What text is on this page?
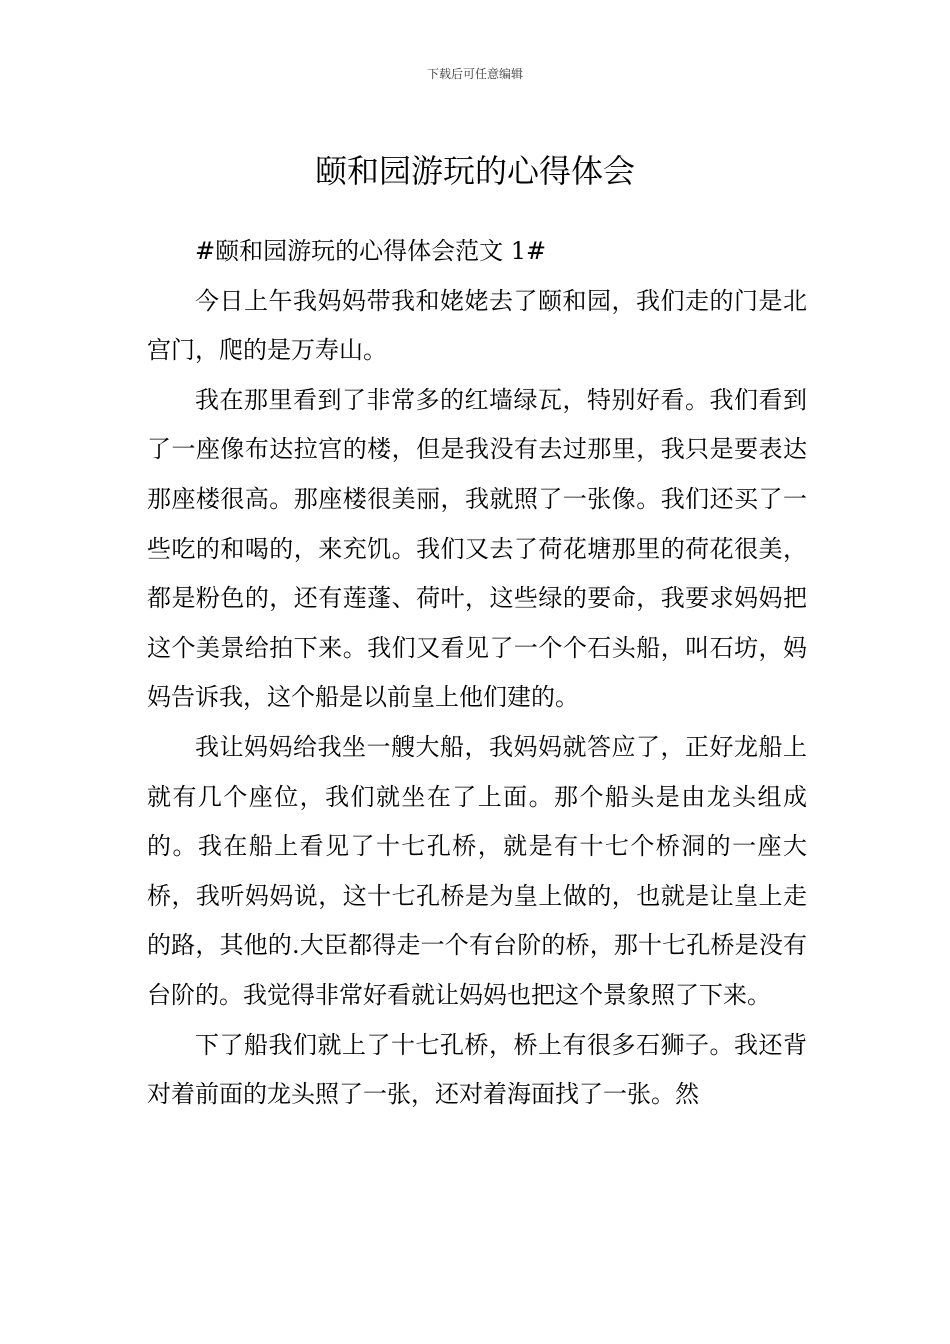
下载后可任意编辑
颐和园游玩的心得体会

#颐和园游玩的心得体会范文 1#

今日上午我妈妈带我和姥姥去了颐和园，我们走的门是北宫门，爬的是万寿山。

我在那里看到了非常多的红墙绿瓦，特别好看。我们看到了一座像布达拉宫的楼，但是我没有去过那里，我只是要表达那座楼很高。那座楼很美丽，我就照了一张像。我们还买了一些吃的和喝的，来充饥。我们又去了荷花塘那里的荷花很美，都是粉色的，还有莲蓬、荷叶，这些绿的要命，我要求妈妈把这个美景给拍下来。我们又看见了一个个石头船，叫石坊，妈妈告诉我，这个船是以前皇上他们建的。

我让妈妈给我坐一艘大船，我妈妈就答应了，正好龙船上就有几个座位，我们就坐在了上面。那个船头是由龙头组成的。我在船上看见了十七孔桥，就是有十七个桥洞的一座大桥，我听妈妈说，这十七孔桥是为皇上做的，也就是让皇上走的路，其他的.大臣都得走一个有台阶的桥，那十七孔桥是没有台阶的。我觉得非常好看就让妈妈也把这个景象照了下来。

下了船我们就上了十七孔桥，桥上有很多石狮子。我还背对着前面的龙头照了一张，还对着海面找了一张。然
